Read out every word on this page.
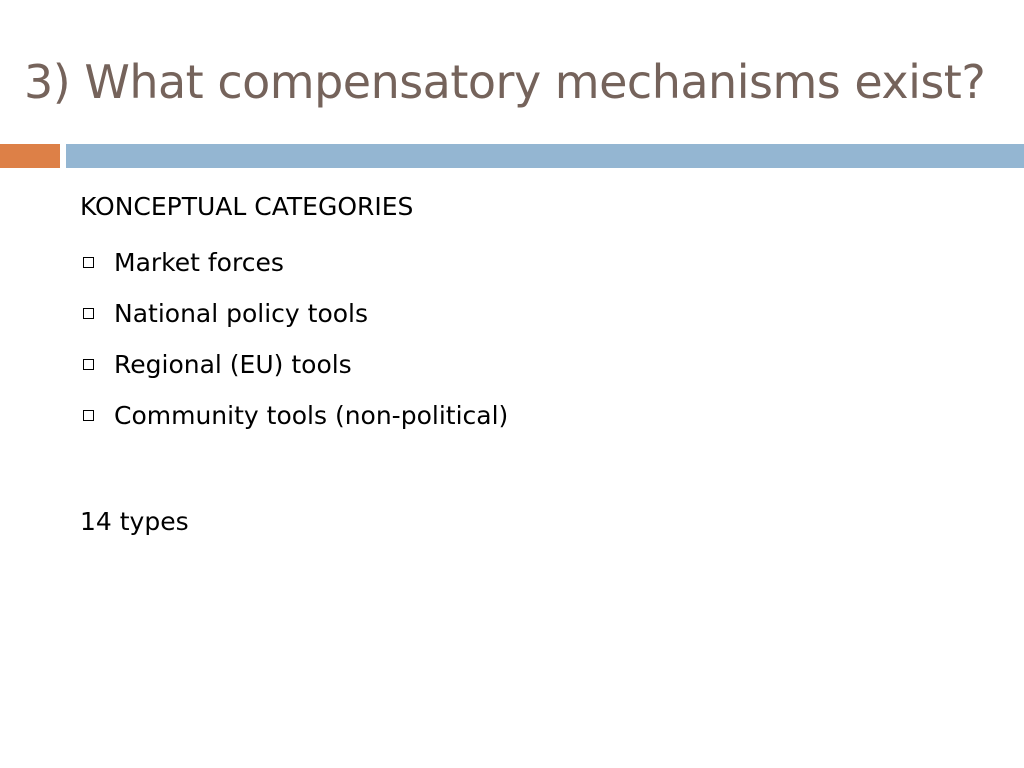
3) What compensatory mechanisms exist?
KONCEPTUAL CATEGORIES
Market forces
National policy tools
Regional (EU) tools
Community tools (non-political)
14 types
